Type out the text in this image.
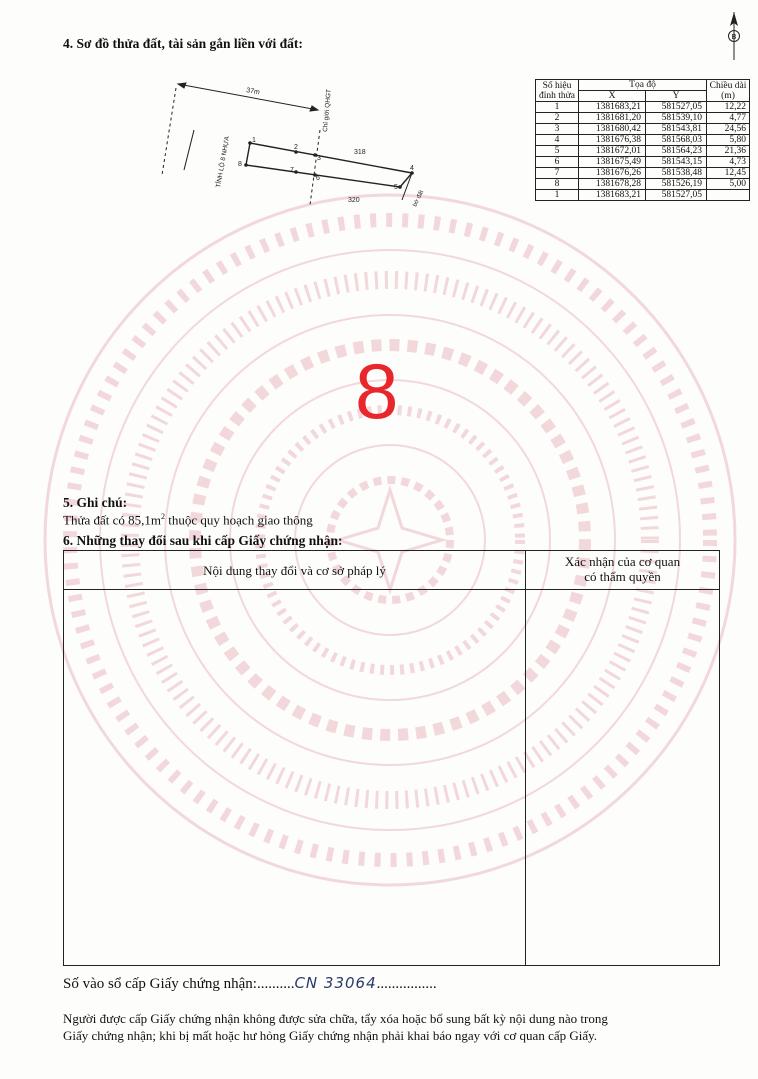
4. Sơ đồ thửa đất, tài sản gắn liền với đất:	B
37m
TỈNH LỘ 8 NHỰA
Chỉ giới QHGT
318
320	bờ đất
1
2
3
4
5
6
7
8
Số hiệu
đỉnh thửa	Tọa độ		Chiều dài
(m)
	X	Y	
1	1381683,21	581527,05	12,22
2	1381681,20	581539,10	4,77
3	1381680,42	581543,81	24,56
4	1381676,38	581568,03	5,80
5	1381672,01	581564,23	21,36
6	1381675,49	581543,15	4,73
7	1381676,26	581538,48	12,45
8	1381678,28	581526,19	5,00
1	1381683,21	581527,05	
8
5. Ghi chú:
Thửa đất có $85,1m^2$ thuộc quy hoạch giao thông
6. Những thay đổi sau khi cấp Giấy chứng nhận:
Nội dung thay đổi và cơ sở pháp lý
Xác nhận của cơ quan
có thẩm quyền
Số vào sổ cấp Giấy chứng nhận:..........CN 33064................
Người được cấp Giấy chứng nhận không được sửa chữa, tẩy xóa hoặc bổ sung bất kỳ nội dung nào trong
Giấy chứng nhận; khi bị mất hoặc hư hỏng Giấy chứng nhận phải khai báo ngay với cơ quan cấp Giấy.
